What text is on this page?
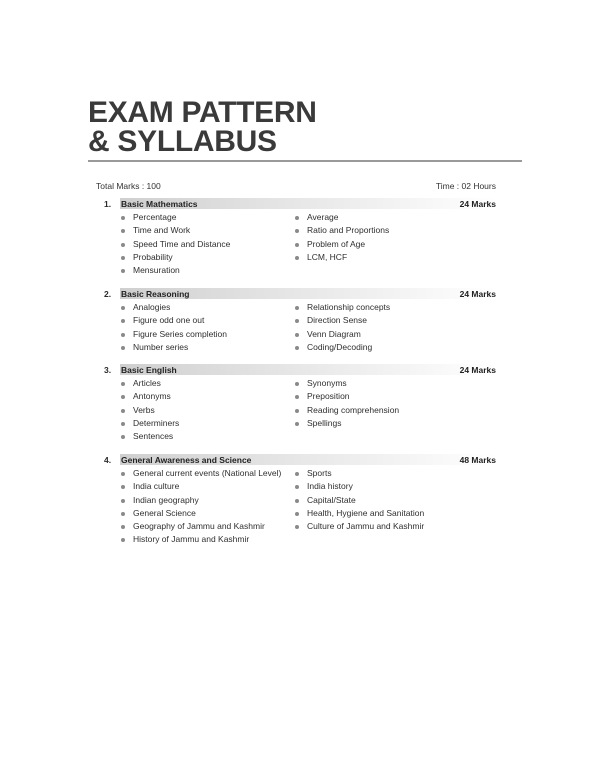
EXAM PATTERN
& SYLLABUS
Total Marks : 100	Time : 02 Hours
1.	Basic Mathematics	24 Marks
Percentage
Time and Work
Speed Time and Distance
Probability
Mensuration
Average
Ratio and Proportions
Problem of Age
LCM, HCF
2.	Basic Reasoning	24 Marks
Analogies
Figure odd one out
Figure Series completion
Number series
Relationship concepts
Direction Sense
Venn Diagram
Coding/Decoding
3.	Basic English	24 Marks
Articles
Antonyms
Verbs
Determiners
Sentences
Synonyms
Preposition
Reading comprehension
Spellings
4.	General Awareness and Science	48 Marks
General current events (National Level)
India culture
Indian geography
General Science
Geography of Jammu and Kashmir
History of Jammu and Kashmir
Sports
India history
Capital/State
Health, Hygiene and Sanitation
Culture of Jammu and Kashmir
